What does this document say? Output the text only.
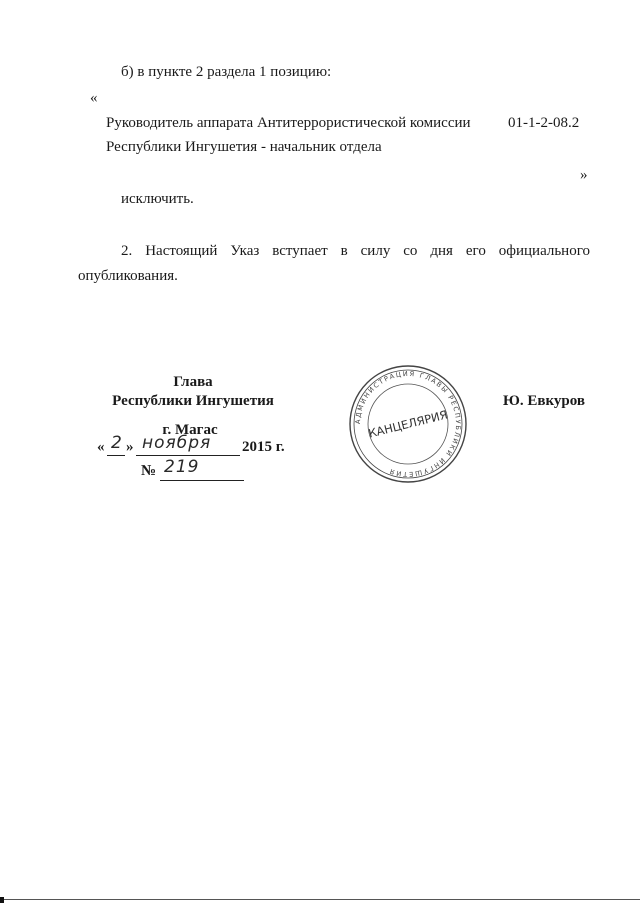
б) в пункте 2 раздела 1 позицию:
«
Руководитель аппарата Антитеррористической комиссии 01-1-2-08.2
Республики Ингушетия - начальник отдела
»
исключить.
2. Настоящий Указ вступает в силу со дня его официального
опубликования.
Глава
Республики Ингушетия	Ю. Евкуров
г. Магас
« 2 » ноября 2015 г.
№ 219
АДМИНИСТРАЦИЯ ГЛАВЫ РЕСПУБЛИКИ ИНГУШЕТИЯ
КАНЦЕЛЯРИЯ
